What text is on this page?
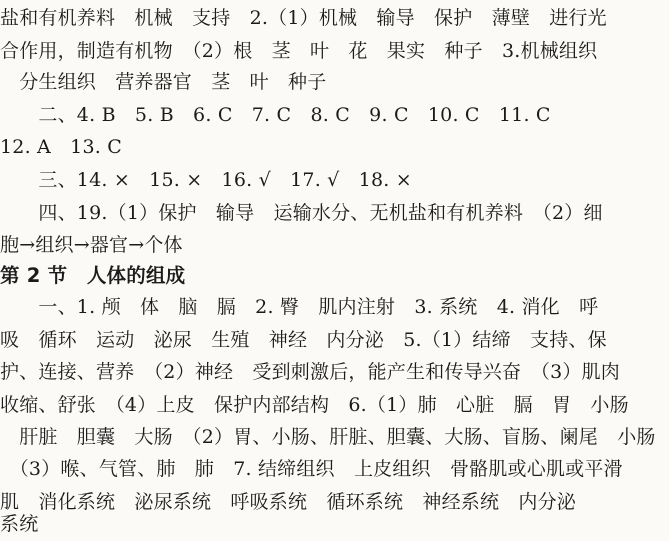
盐和有机养料　机械　支持　2.（1）机械　输导　保护　薄壁　进行光
合作用，制造有机物　（2）根　茎　叶　花　果实　种子　3.机械组织
　分生组织　营养器官　茎　叶　种子
　　二、4. B　5. B　6. C　7. C　8. C　9. C　10. C　11. C
12. A　13. C
　　三、14. ×　15. ×　16. √　17. √　18. ×
　　四、19.（1）保护　输导　运输水分、无机盐和有机养料　（2）细
胞→组织→器官→个体
第 2 节　人体的组成
　　一、1. 颅　体　脑　膈　2. 臀　肌内注射　3. 系统　4. 消化　呼
吸　循环　运动　泌尿　生殖　神经　内分泌　5.（1）结缔　支持、保
护、连接、营养　（2）神经　受到刺激后，能产生和传导兴奋　（3）肌肉
收缩、舒张　（4）上皮　保护内部结构　6.（1）肺　心脏　膈　胃　小肠
　肝脏　胆囊　大肠　（2）胃、小肠、肝脏、胆囊、大肠、盲肠、阑尾　小肠
　（3）喉、气管、肺　肺　7. 结缔组织　上皮组织　骨骼肌或心肌或平滑
肌　消化系统　泌尿系统　呼吸系统　循环系统　神经系统　内分泌
系统
